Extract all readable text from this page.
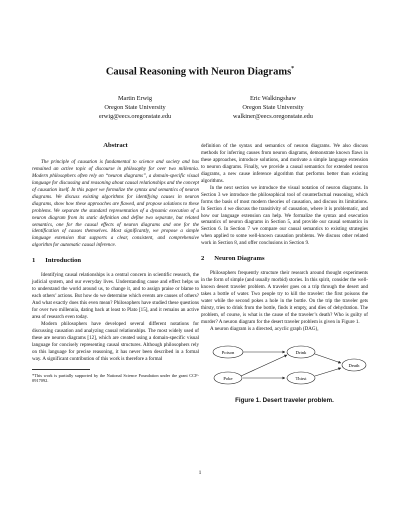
Causal Reasoning with Neuron Diagrams*
Martin Erwig
Oregon State University
erwig@eecs.oregonstate.edu
Eric Walkingshaw
Oregon State University
walkiner@eecs.oregonstate.edu
Abstract

The principle of causation is fundamental to science and society and has remained an active topic of discourse in philosophy for over two millennia. Modern philosophers often rely on “neuron diagrams”, a domain-specific visual language for discussing and reasoning about causal relationships and the concept of causation itself. In this paper we formalize the syntax and semantics of neuron diagrams. We discuss existing algorithms for identifying causes in neuron diagrams, show how these approaches are flawed, and propose solutions to these problems. We separate the standard representation of a dynamic execution of a neuron diagram from its static definition and define two separate, but related semantics, one for the causal effects of neuron diagrams and one for the identification of causes themselves. Most significantly, we propose a simple language extension that supports a clear, consistent, and comprehensive algorithm for automatic causal inference.

1 Introduction

Identifying causal relationships is a central concern in scientific research, the judicial system, and our everyday lives. Understanding cause and effect helps us to understand the world around us, to change it, and to assign praise or blame to each others’ actions. But how do we determine which events are causes of others? And what exactly does this even mean? Philosophers have studied these questions for over two millennia, dating back at least to Plato [15], and it remains an active area of research even today.

Modern philosophers have developed several different notations for discussing causation and analyzing causal relationships. The most widely used of these are neuron diagrams [12], which are created using a domain-specific visual language for concisely representing causal structures. Although philosophers rely on this language for precise reasoning, it has never been described in a formal way. A significant contribution of this work is therefore a formal

*This work is partially supported by the National Science Foundation under the grant CCF-0917092.

definition of the syntax and semantics of neuron diagrams. We also discuss methods for inferring causes from neuron diagrams, demonstrate known flaws in these approaches, introduce solutions, and motivate a simple language extension to neuron diagrams. Finally, we provide a causal semantics for extended neuron diagrams, a new cause inference algorithm that performs better than existing algorithms.

In the next section we introduce the visual notation of neuron diagrams. In Section 3 we introduce the philosophical tool of counterfactual reasoning, which forms the basis of most modern theories of causation, and discuss its limitations. In Section 4 we discuss the transitivity of causation, where it is problematic, and how our language extension can help. We formalize the syntax and execution semantics of neuron diagrams in Section 5, and provide our causal semantics in Section 6. In Section 7 we compare our causal semantics to existing strategies when applied to some well-known causation problems. We discuss other related work in Section 8, and offer conclusions in Section 9.

2 Neuron Diagrams

Philosophers frequently structure their research around thought experiments in the form of simple (and usually morbid) stories. In this spirit, consider the well-known desert traveler problem. A traveler goes on a trip through the desert and takes a bottle of water. Two people try to kill the traveler: the first poisons the water while the second pokes a hole in the bottle. On the trip the traveler gets thirsty, tries to drink from the bottle, finds it empty, and dies of dehydration. The problem, of course, is what is the cause of the traveler’s death? Who is guilty of murder? A neuron diagram for the desert traveler problem is given in Figure 1.

A neuron diagram is a directed, acyclic graph (DAG),

Poison	Drink
Poke	Thirst
Death
Figure 1. Desert traveler problem.
1
